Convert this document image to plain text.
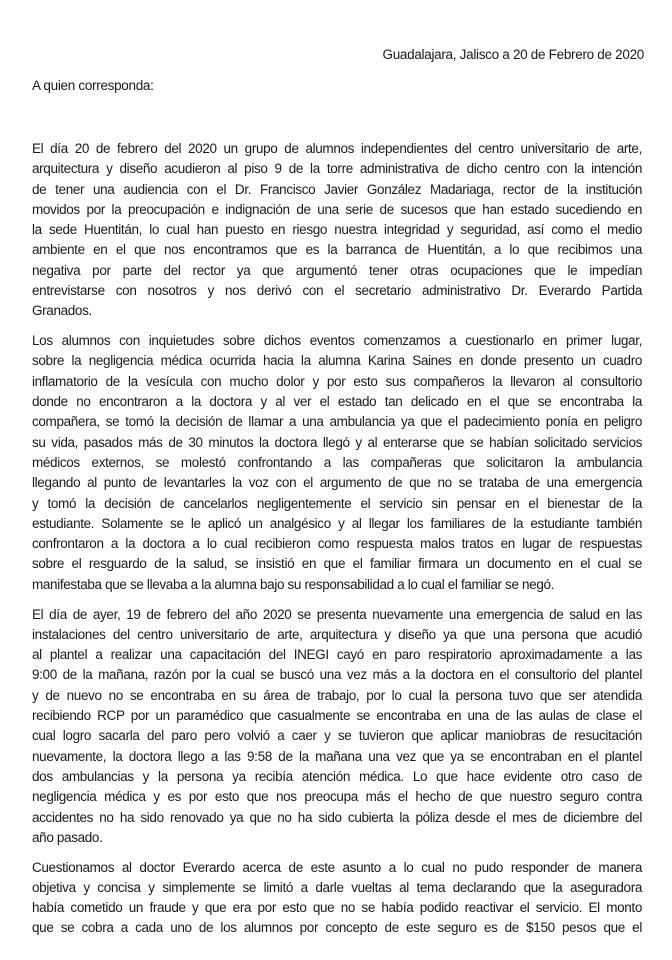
Guadalajara, Jalisco a 20 de Febrero de 2020
A quien corresponda:
El día 20 de febrero del 2020 un grupo de alumnos independientes del centro universitario de arte,
arquitectura y diseño acudieron al piso 9 de la torre administrativa de dicho centro con la intención
de tener una audiencia con el Dr. Francisco Javier González Madariaga, rector de la institución
movidos por la preocupación e indignación de una serie de sucesos que han estado sucediendo en
la sede Huentitán, lo cual han puesto en riesgo nuestra integridad y seguridad, así como el medio
ambiente en el que nos encontramos que es la barranca de Huentitán, a lo que recibimos una
negativa por parte del rector ya que argumentó tener otras ocupaciones que le impedían
entrevistarse con nosotros y nos derivó con el secretario administrativo Dr. Everardo Partida
Granados.
Los alumnos con inquietudes sobre dichos eventos comenzamos a cuestionarlo en primer lugar,
sobre la negligencia médica ocurrida hacia la alumna Karina Saines en donde presento un cuadro
inflamatorio de la vesícula con mucho dolor y por esto sus compañeros la llevaron al consultorio
donde no encontraron a la doctora y al ver el estado tan delicado en el que se encontraba la
compañera, se tomó la decisión de llamar a una ambulancia ya que el padecimiento ponía en peligro
su vida, pasados más de 30 minutos la doctora llegó y al enterarse que se habían solicitado servicios
médicos externos, se molestó confrontando a las compañeras que solicitaron la ambulancia
llegando al punto de levantarles la voz con el argumento de que no se trataba de una emergencia
y tomó la decisión de cancelarlos negligentemente el servicio sin pensar en el bienestar de la
estudiante. Solamente se le aplicó un analgésico y al llegar los familiares de la estudiante también
confrontaron a la doctora a lo cual recibieron como respuesta malos tratos en lugar de respuestas
sobre el resguardo de la salud, se insistió en que el familiar firmara un documento en el cual se
manifestaba que se llevaba a la alumna bajo su responsabilidad a lo cual el familiar se negó.
El día de ayer, 19 de febrero del año 2020 se presenta nuevamente una emergencia de salud en las
instalaciones del centro universitario de arte, arquitectura y diseño ya que una persona que acudió
al plantel a realizar una capacitación del INEGI cayó en paro respiratorio aproximadamente a las
9:00 de la mañana, razón por la cual se buscó una vez más a la doctora en el consultorio del plantel
y de nuevo no se encontraba en su área de trabajo, por lo cual la persona tuvo que ser atendida
recibiendo RCP por un paramédico que casualmente se encontraba en una de las aulas de clase el
cual logro sacarla del paro pero volvió a caer y se tuvieron que aplicar maniobras de resucitación
nuevamente, la doctora llego a las 9:58 de la mañana una vez que ya se encontraban en el plantel
dos ambulancias y la persona ya recibía atención médica. Lo que hace evidente otro caso de
negligencia médica y es por esto que nos preocupa más el hecho de que nuestro seguro contra
accidentes no ha sido renovado ya que no ha sido cubierta la póliza desde el mes de diciembre del
año pasado.
Cuestionamos al doctor Everardo acerca de este asunto a lo cual no pudo responder de manera
objetiva y concisa y simplemente se limitó a darle vueltas al tema declarando que la aseguradora
había cometido un fraude y que era por esto que no se había podido reactivar el servicio. El monto
que se cobra a cada uno de los alumnos por concepto de este seguro es de $150 pesos que el
